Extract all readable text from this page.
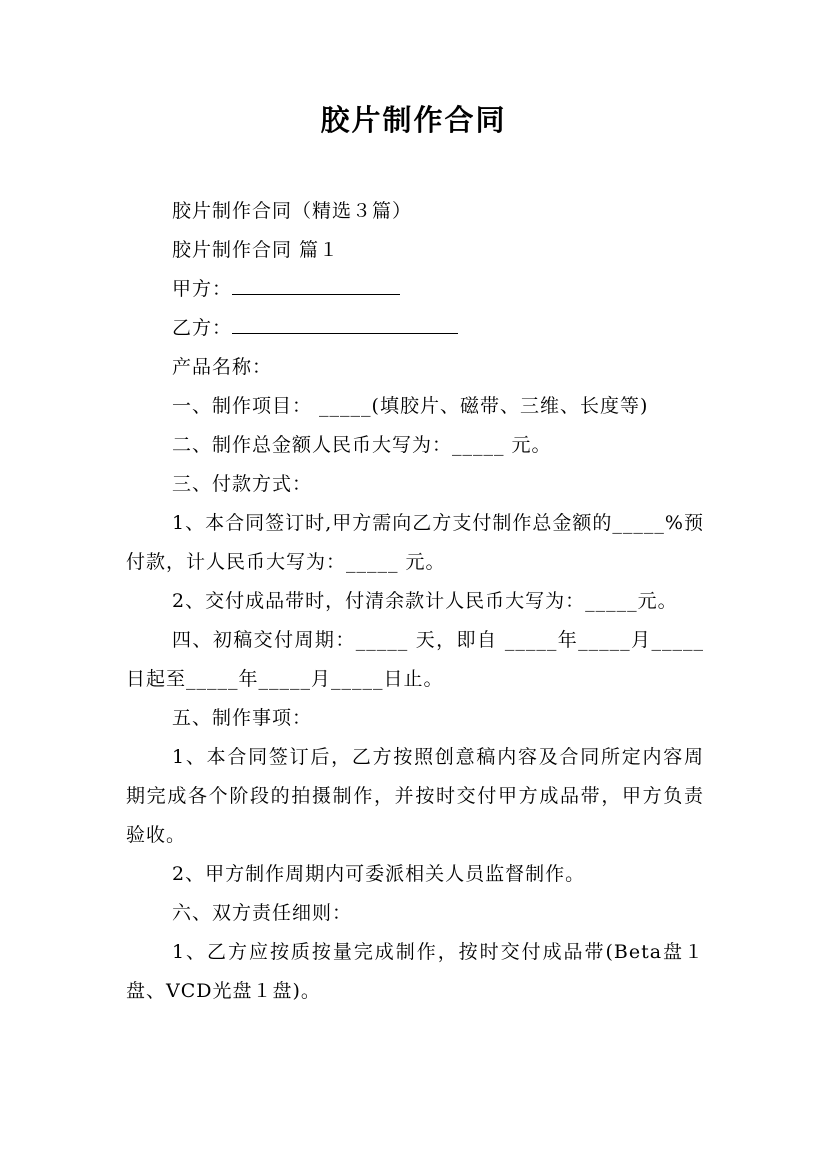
胶片制作合同

胶片制作合同（精选３篇）

胶片制作合同 篇１

甲方：

乙方：

产品名称：

一、制作项目： _____(填胶片、磁带、三维、长度等)

二、制作总金额人民币大写为：_____ 元。

三、付款方式：

1、本合同签订时,甲方需向乙方支付制作总金额的_____%预付款，计人民币大写为：_____ 元。

2、交付成品带时，付清余款计人民币大写为：_____元。

四、初稿交付周期：_____ 天，即自 _____年_____月_____日起至_____年_____月_____日止。

五、制作事项：

1、本合同签订后，乙方按照创意稿内容及合同所定内容周期完成各个阶段的拍摄制作，并按时交付甲方成品带，甲方负责验收。

2、甲方制作周期内可委派相关人员监督制作。

六、双方责任细则：

1、乙方应按质按量完成制作，按时交付成品带(Beta盘１盘、VCD光盘１盘)。
